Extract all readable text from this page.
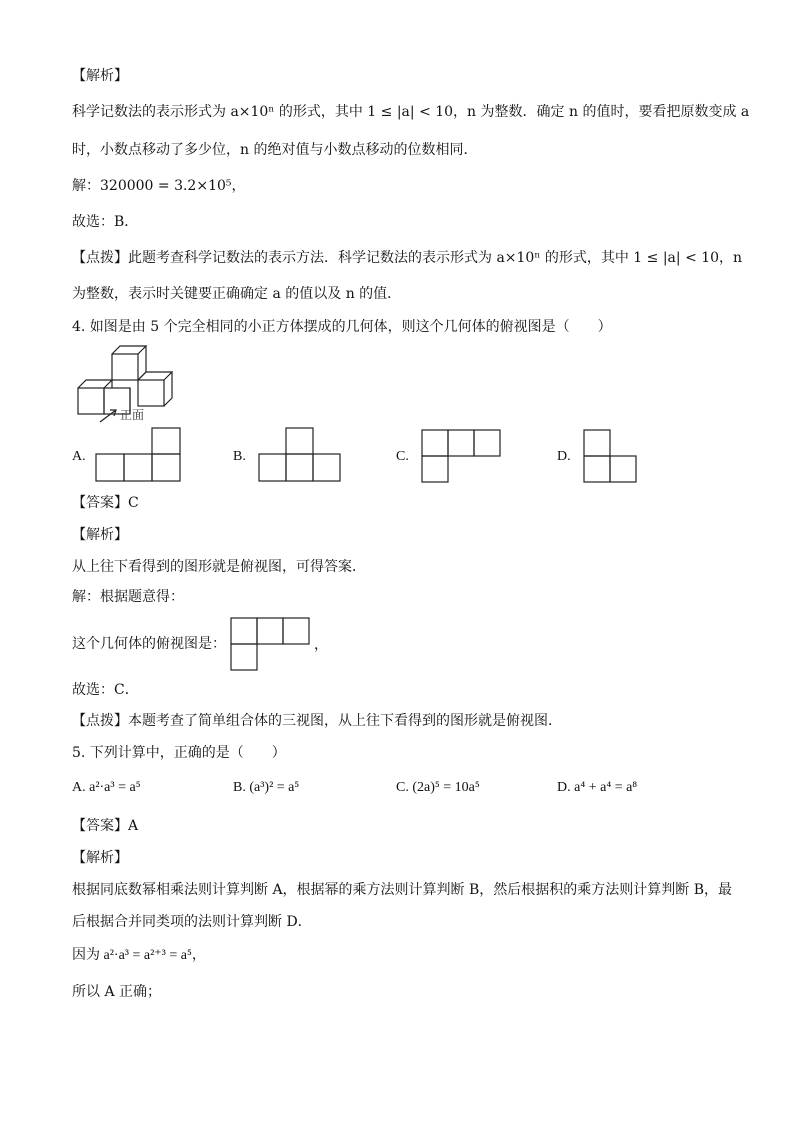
【解析】
科学记数法的表示形式为 a×10ⁿ 的形式，其中 1 ≤ |a| < 10，n 为整数．确定 n 的值时，要看把原数变成 a
时，小数点移动了多少位，n 的绝对值与小数点移动的位数相同．
解：320000 = 3.2×10⁵，
故选：B．
【点拨】此题考查科学记数法的表示方法．科学记数法的表示形式为 a×10ⁿ 的形式，其中 1 ≤ |a| < 10，n
为整数，表示时关键要正确确定 a 的值以及 n 的值．
4. 如图是由 5 个完全相同的小正方体摆成的几何体，则这个几何体的俯视图是（　　）
正面
A.	B.	C.	D.
【答案】C
【解析】
从上往下看得到的图形就是俯视图，可得答案．
解：根据题意得：
这个几何体的俯视图是：	，
故选：C．
【点拨】本题考查了简单组合体的三视图，从上往下看得到的图形就是俯视图．
5. 下列计算中，正确的是（　　）
A. a²·a³ = a⁵	B. (a³)² = a⁵	C. (2a)⁵ = 10a⁵	D. a⁴ + a⁴ = a⁸
【答案】A
【解析】
根据同底数幂相乘法则计算判断 A，根据幂的乘方法则计算判断 B，然后根据积的乘方法则计算判断 B，最
后根据合并同类项的法则计算判断 D．
因为 a²·a³ = a²⁺³ = a⁵，
所以 A 正确；
